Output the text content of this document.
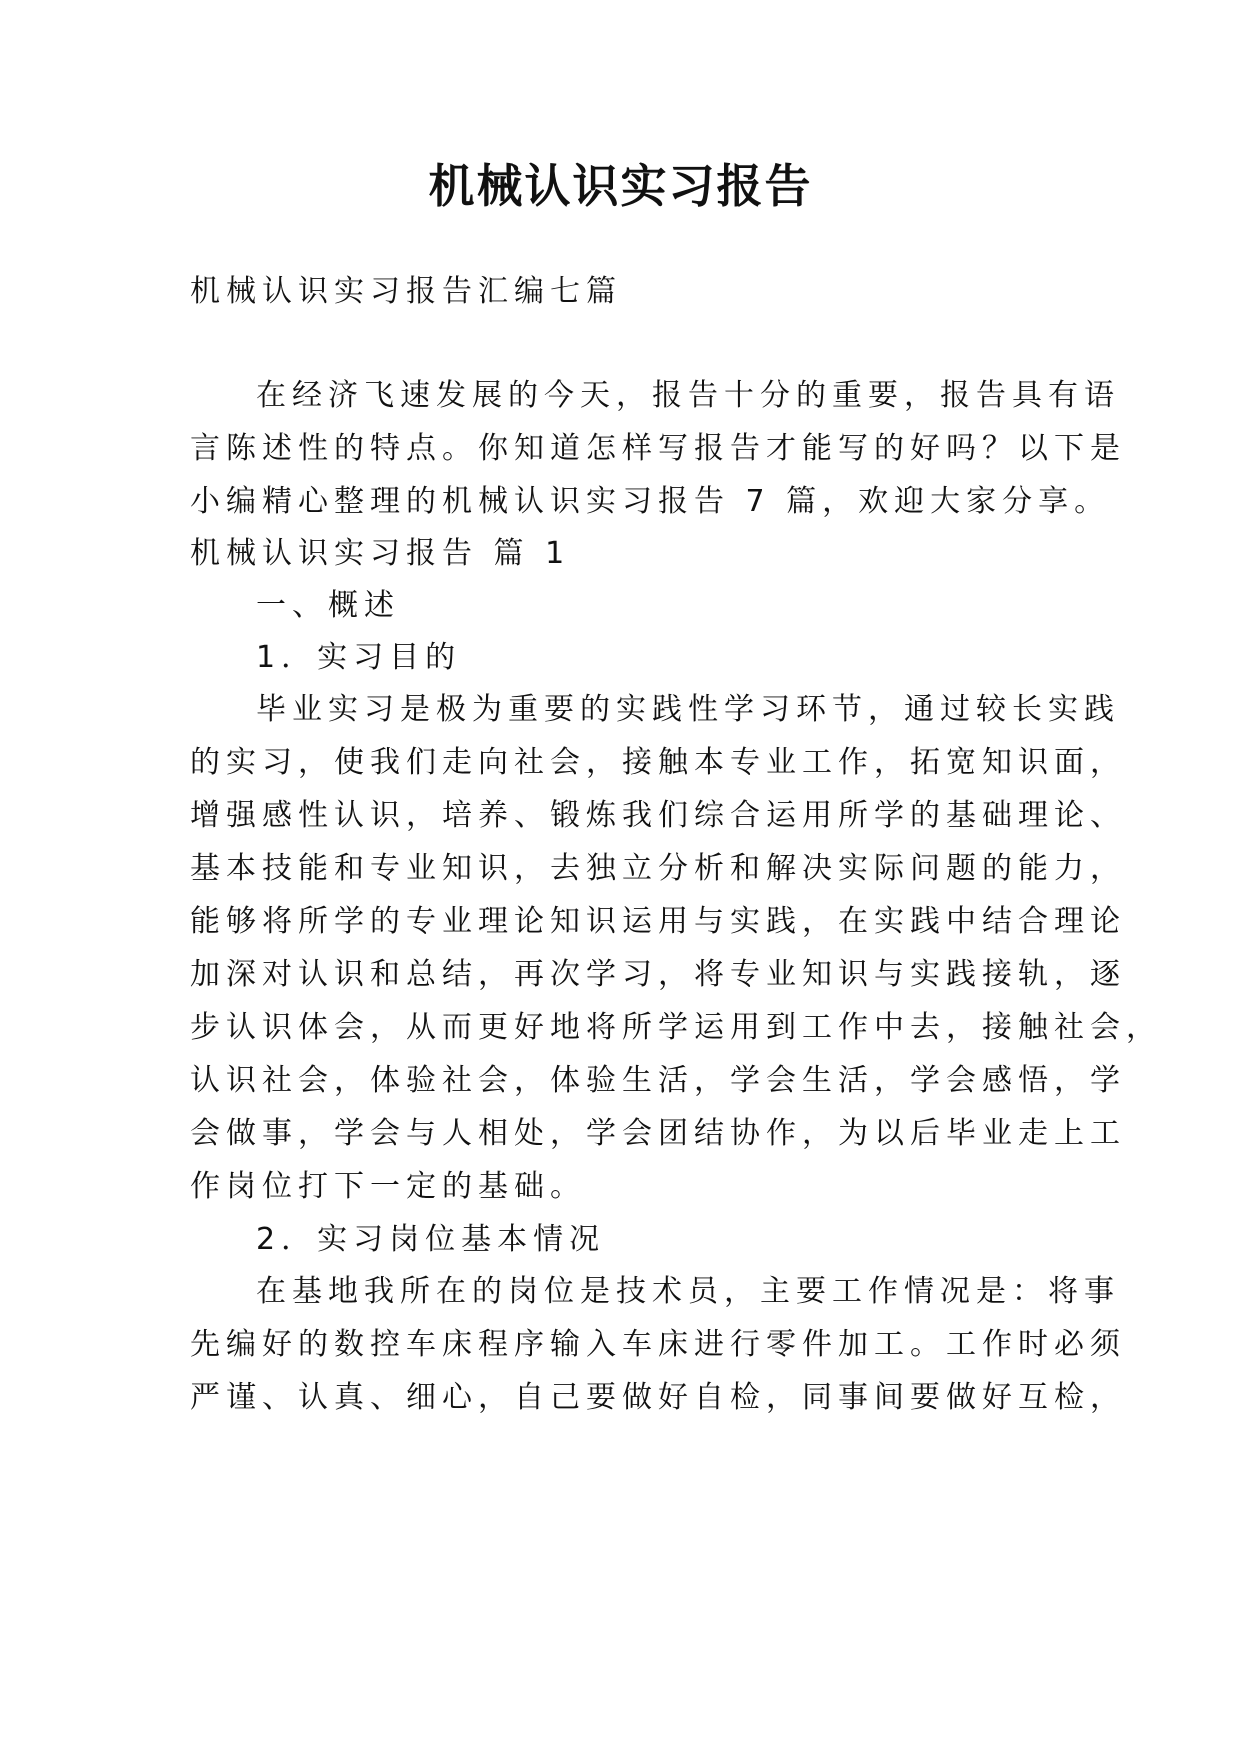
机械认识实习报告
机械认识实习报告汇编七篇
在经济飞速发展的今天，报告十分的重要，报告具有语
言陈述性的特点。你知道怎样写报告才能写的好吗？以下是
小编精心整理的机械认识实习报告 7 篇，欢迎大家分享。
机械认识实习报告 篇 1
一、概述
1．实习目的
毕业实习是极为重要的实践性学习环节，通过较长实践
的实习，使我们走向社会，接触本专业工作，拓宽知识面，
增强感性认识，培养、锻炼我们综合运用所学的基础理论、
基本技能和专业知识，去独立分析和解决实际问题的能力，
能够将所学的专业理论知识运用与实践，在实践中结合理论
加深对认识和总结，再次学习，将专业知识与实践接轨，逐
步认识体会，从而更好地将所学运用到工作中去，接触社会，
认识社会，体验社会，体验生活，学会生活，学会感悟，学
会做事，学会与人相处，学会团结协作，为以后毕业走上工
作岗位打下一定的基础。
2．实习岗位基本情况
在基地我所在的岗位是技术员，主要工作情况是：将事
先编好的数控车床程序输入车床进行零件加工。工作时必须
严谨、认真、细心，自己要做好自检，同事间要做好互检，
